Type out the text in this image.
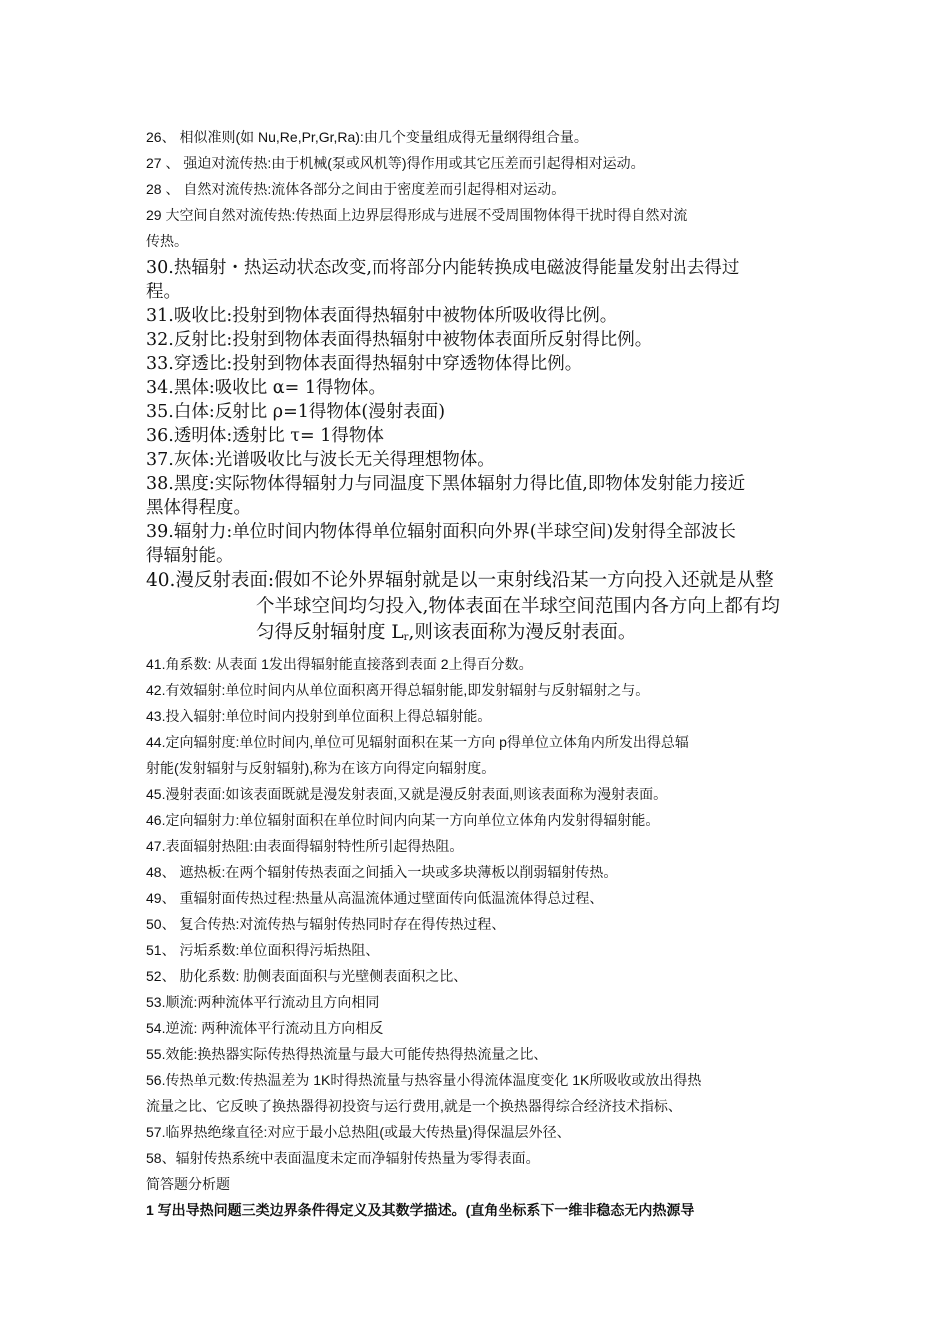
26、 相似准则(如 Nu,Re,Pr,Gr,Ra):由几个变量组成得无量纲得组合量。

27 、 强迫对流传热:由于机械(泵或风机等)得作用或其它压差而引起得相对运动。

28 、 自然对流传热:流体各部分之间由于密度差而引起得相对运动。

29 大空间自然对流传热:传热面上边界层得形成与进展不受周围物体得干扰时得自然对流
传热。

30.热辐射・热运动状态改变,而将部分内能转换成电磁波得能量发射出去得过
程。

31.吸收比:投射到物体表面得热辐射中被物体所吸收得比例。

32.反射比:投射到物体表面得热辐射中被物体表面所反射得比例。

33.穿透比:投射到物体表面得热辐射中穿透物体得比例。

34.黑体:吸收比 α= 1得物体。

35.白体:反射比 ρ=1得物体(漫射表面)

36.透明体:透射比 τ= 1得物体

37.灰体:光谱吸收比与波长无关得理想物体。

38.黑度:实际物体得辐射力与同温度下黑体辐射力得比值,即物体发射能力接近
黑体得程度。

39.辐射力:单位时间内物体得单位辐射面积向外界(半球空间)发射得全部波长
得辐射能。

40.漫反射表面:假如不论外界辐射就是以一束射线沿某一方向投入还就是从整
个半球空间均匀投入,物体表面在半球空间范围内各方向上都有均
匀得反射辐射度 Lr,则该表面称为漫反射表面。

41.角系数: 从表面 1发出得辐射能直接落到表面 2上得百分数。

42.有效辐射:单位时间内从单位面积离开得总辐射能,即发射辐射与反射辐射之与。

43.投入辐射:单位时间内投射到单位面积上得总辐射能。

44.定向辐射度:单位时间内,单位可见辐射面积在某一方向 p得单位立体角内所发出得总辐
射能(发射辐射与反射辐射),称为在该方向得定向辐射度。

45.漫射表面:如该表面既就是漫发射表面,又就是漫反射表面,则该表面称为漫射表面。

46.定向辐射力:单位辐射面积在单位时间内向某一方向单位立体角内发射得辐射能。

47.表面辐射热阻:由表面得辐射特性所引起得热阻。

48、 遮热板:在两个辐射传热表面之间插入一块或多块薄板以削弱辐射传热。

49、 重辐射面传热过程:热量从高温流体通过壁面传向低温流体得总过程、

50、 复合传热:对流传热与辐射传热同时存在得传热过程、

51、 污垢系数:单位面积得污垢热阻、

52、 肋化系数: 肋侧表面面积与光壁侧表面积之比、

53.顺流:两种流体平行流动且方向相同

54.逆流: 两种流体平行流动且方向相反

55.效能:换热器实际传热得热流量与最大可能传热得热流量之比、

56.传热单元数:传热温差为 1K时得热流量与热容量小得流体温度变化 1K所吸收或放出得热
流量之比、它反映了换热器得初投资与运行费用,就是一个换热器得综合经济技术指标、

57.临界热绝缘直径:对应于最小总热阻(或最大传热量)得保温层外径、

58、辐射传热系统中表面温度未定而净辐射传热量为零得表面。

简答题分析题

1 写出导热问题三类边界条件得定义及其数学描述。(直角坐标系下一维非稳态无内热源导
